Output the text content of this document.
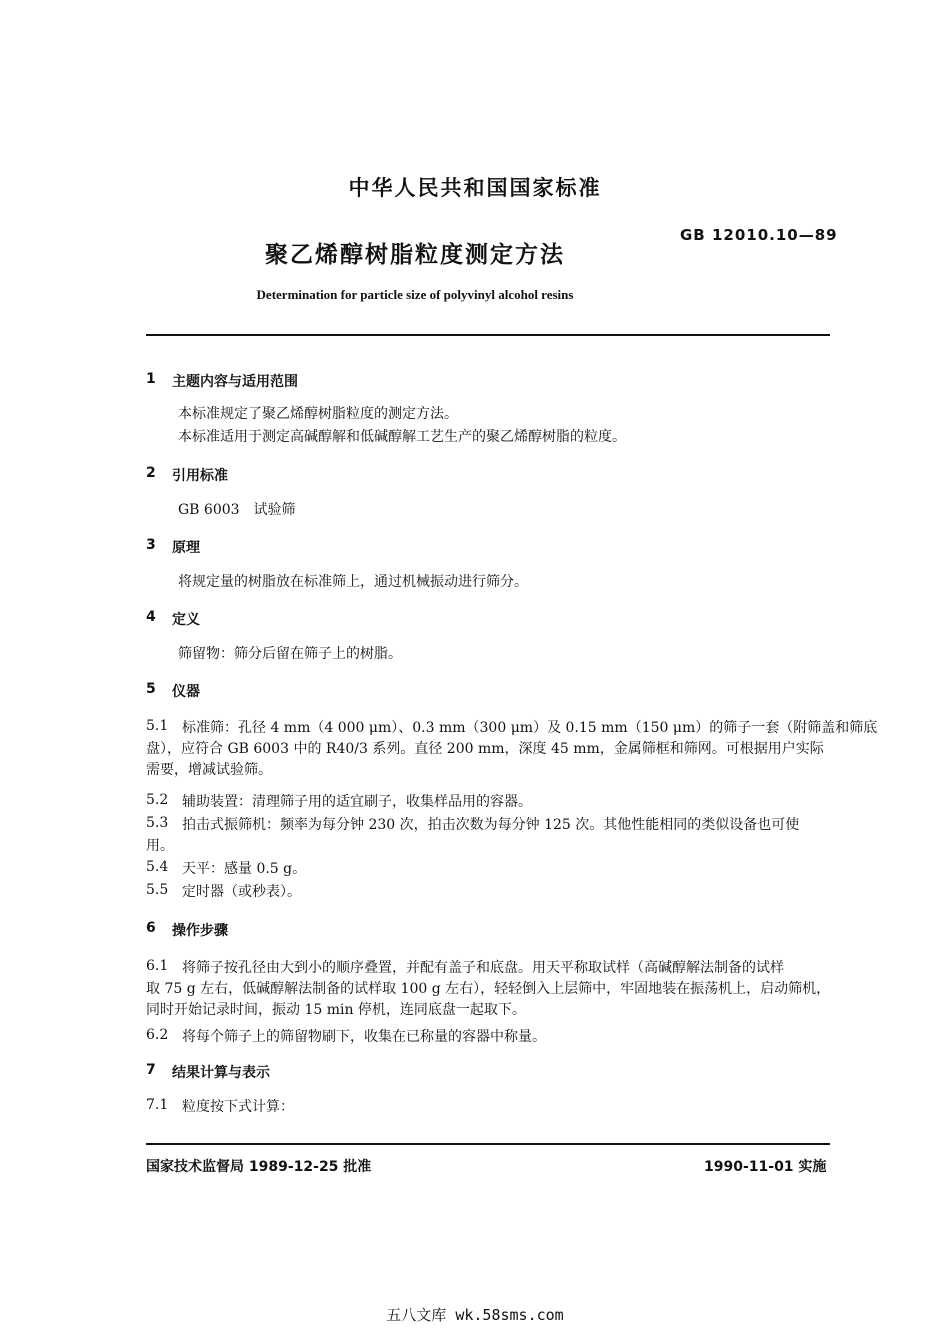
中华人民共和国国家标准
GB 12010.10—89
聚乙烯醇树脂粒度测定方法
Determination for particle size of polyvinyl alcohol resins
1 主题内容与适用范围
本标准规定了聚乙烯醇树脂粒度的测定方法。
本标准适用于测定高碱醇解和低碱醇解工艺生产的聚乙烯醇树脂的粒度。
2 引用标准
GB 6003　试验筛
3 原理
将规定量的树脂放在标准筛上，通过机械振动进行筛分。
4 定义
筛留物：筛分后留在筛子上的树脂。
5 仪器
5.1 标准筛：孔径 4 mm（4 000 μm）、0.3 mm（300 μm）及 0.15 mm（150 μm）的筛子一套（附筛盖和筛底
盘），应符合 GB 6003 中的 R40/3 系列。直径 200 mm，深度 45 mm，金属筛框和筛网。可根据用户实际需要，增减试验筛。
5.2 辅助装置：清理筛子用的适宜刷子，收集样品用的容器。
5.3 拍击式振筛机：频率为每分钟 230 次，拍击次数为每分钟 125 次。其他性能相同的类似设备也可使
用。
5.4 天平：感量 0.5 g。
5.5 定时器（或秒表）。
6 操作步骤
6.1 将筛子按孔径由大到小的顺序叠置，并配有盖子和底盘。用天平称取试样（高碱醇解法制备的试样
取 75 g 左右，低碱醇解法制备的试样取 100 g 左右），轻轻倒入上层筛中，牢固地装在振荡机上，启动筛机，同时开始记录时间，振动 15 min 停机，连同底盘一起取下。
6.2 将每个筛子上的筛留物刷下，收集在已称量的容器中称量。
7 结果计算与表示
7.1 粒度按下式计算：
国家技术监督局 1989-12-25 批准	1990-11-01 实施
五八文库 wk.58sms.com
